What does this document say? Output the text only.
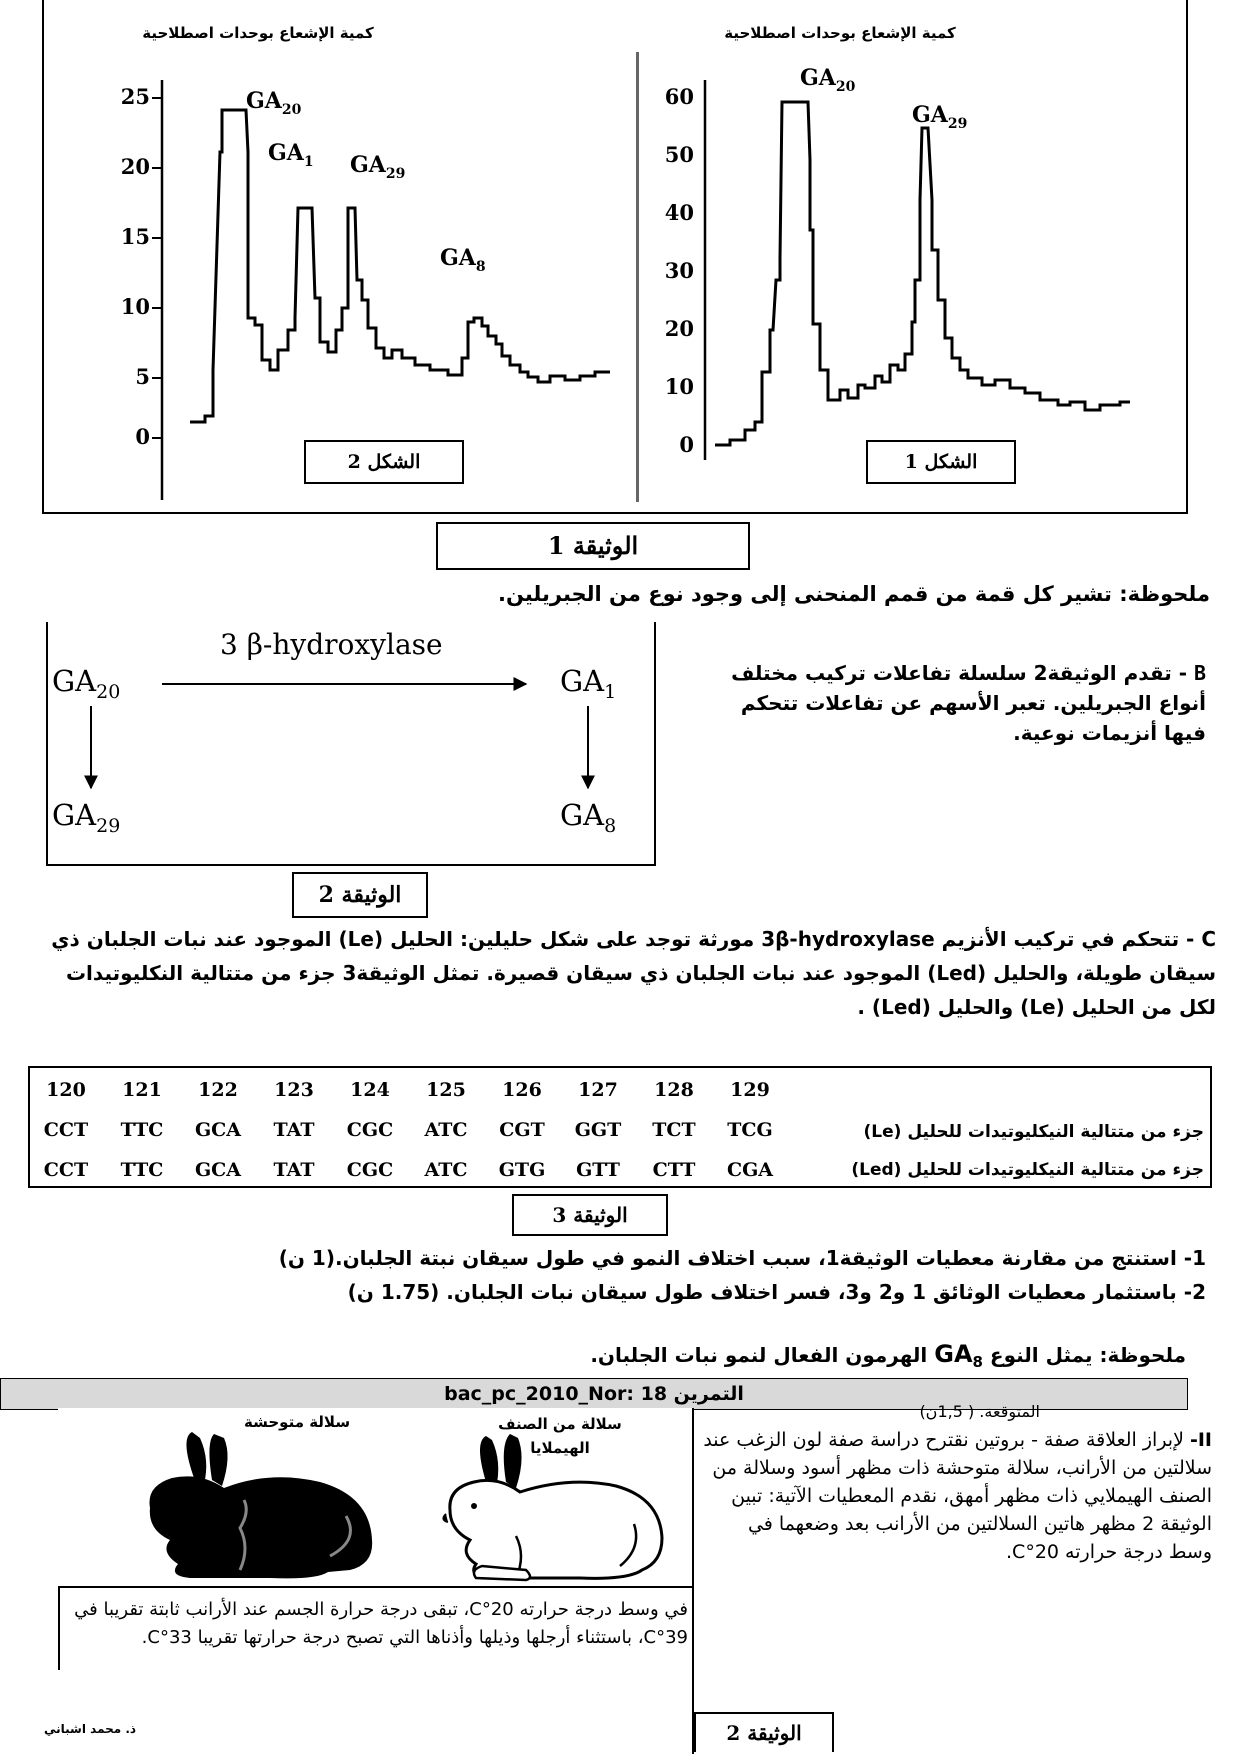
كمية الإشعاع بوحدات اصطلاحية	كمية الإشعاع بوحدات اصطلاحية
25
20
15
10
5
0
$GA_{20}$
$GA_1$ $GA_{29}$
$GA_8$
60
50
40
30
20
10
0
$GA_{20}$
$GA_{29}$
الشكل 2	الشكل 1
الوثيقة 1
ملحوظة: تشير كل قمة من قمم المنحنى إلى وجود نوع من الجبريلين.
3 β-hydroxylase
$GA_{20}$	$GA_1$
$GA_{29}$	$GA_8$
الوثيقة 2
B - تقدم الوثيقة2 سلسلة تفاعلات تركيب مختلف أنواع الجبريلين. تعبر الأسهم عن تفاعلات تتحكم فيها أنزيمات نوعية.
C - تتحكم في تركيب الأنزيم 3β-hydroxylase مورثة توجد على شكل حليلين: الحليل (Le) الموجود عند نبات الجلبان ذي سيقان طويلة، والحليل (Led) الموجود عند نبات الجلبان ذي سيقان قصيرة. تمثل الوثيقة3 جزء من متتالية النكليوتيدات لكل من الحليل (Le) والحليل (Led) .
120	121	122	123	124	125	126	127	128	129
CCT	TTC	GCA	TAT	CGC	ATC	CGT	GGT	TCT	TCG
CCT	TTC	GCA	TAT	CGC	ATC	GTG	GTT	CTT	CGA
جزء من متتالية النيكليوتيدات للحليل (Le)
جزء من متتالية النيكليوتيدات للحليل (Led)
الوثيقة 3
1- استنتج من مقارنة معطيات الوثيقة1، سبب اختلاف النمو في طول سيقان نبتة الجلبان.(1 ن)
2- باستثمار معطيات الوثائق 1 و2 و3، فسر اختلاف طول سيقان نبات الجلبان. (1.75 ن)
ملحوظة: يمثل النوع $GA_8$ الهرمون الفعال لنمو نبات الجلبان.
bac_pc_2010_Nor: التمرين 18
سلالة متوحشة	سلالة من الصنف الهيملايا
في وسط درجة حرارته 20°C، تبقى درجة حرارة الجسم عند الأرانب ثابتة تقريبا في 39°C، باستثناء أرجلها وذيلها وأذناها التي تصبح درجة حرارتها تقريبا 33°C.
ذ. محمد اشباني
المتوقعة. ( 1,5ن)
II- لإبراز العلاقة صفة - بروتين نقترح دراسة صفة لون الزغب عند سلالتين من الأرانب، سلالة متوحشة ذات مظهر أسود وسلالة من الصنف الهيملايي ذات مظهر أمهق، نقدم المعطيات الآتية: تبين الوثيقة 2 مظهر هاتين السلالتين من الأرانب بعد وضعهما في وسط درجة حرارته 20°C.
الوثيقة 2
